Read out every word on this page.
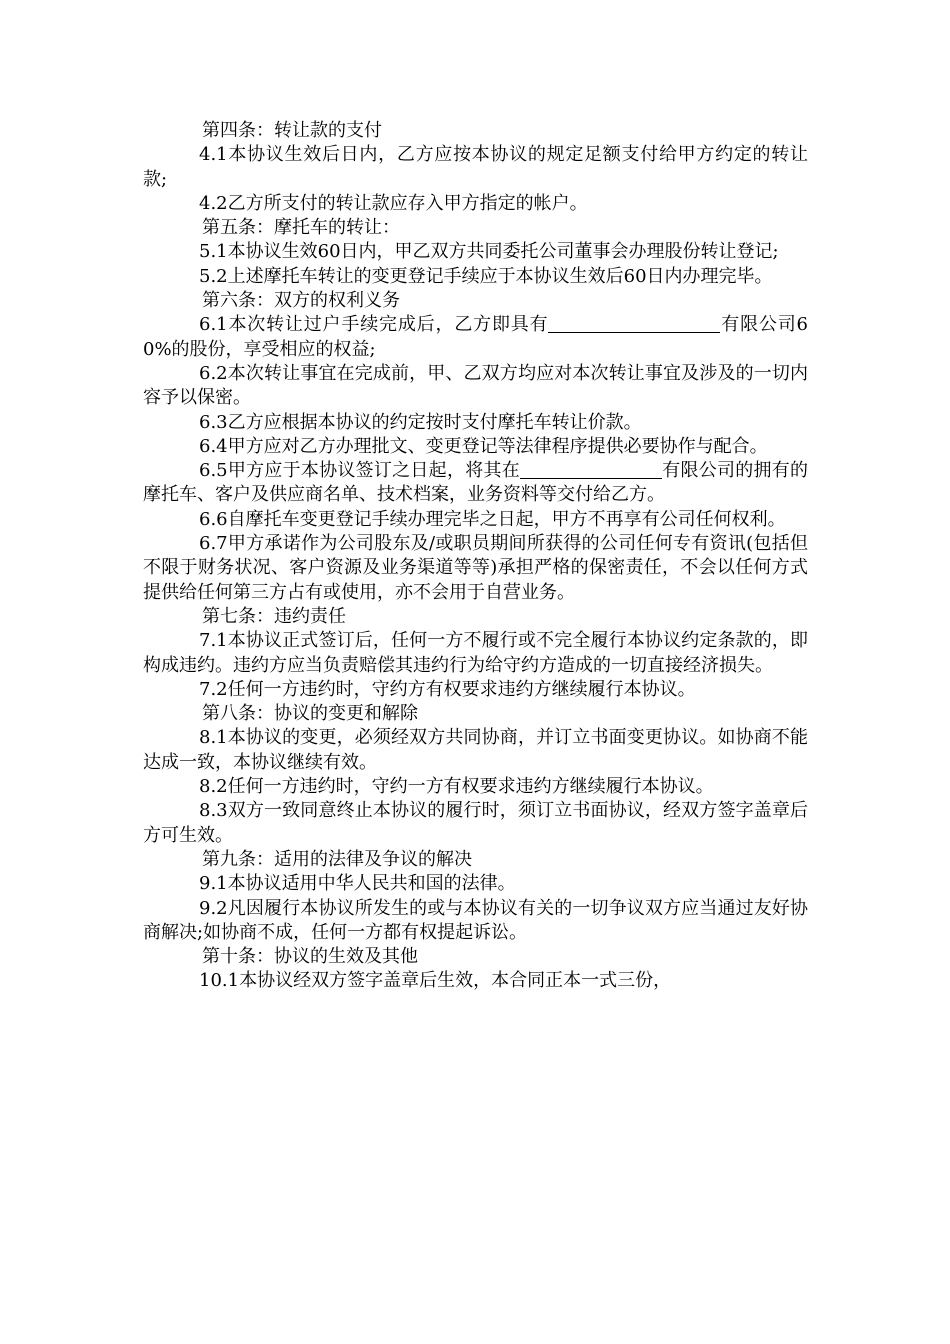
第四条：转让款的支付

4.1本协议生效后日内，乙方应按本协议的规定足额支付给甲方约定的转让款;

4.2乙方所支付的转让款应存入甲方指定的帐户。

第五条：摩托车的转让：

5.1本协议生效60日内，甲乙双方共同委托公司董事会办理股份转让登记;

5.2上述摩托车转让的变更登记手续应于本协议生效后60日内办理完毕。

第六条：双方的权利义务

6.1本次转让过户手续完成后，乙方即具有	有限公司60%的股份，享受相应的权益;

6.2本次转让事宜在完成前，甲、乙双方均应对本次转让事宜及涉及的一切内容予以保密。

6.3乙方应根据本协议的约定按时支付摩托车转让价款。

6.4甲方应对乙方办理批文、变更登记等法律程序提供必要协作与配合。

6.5甲方应于本协议签订之日起，将其在	有限公司的拥有的摩托车、客户及供应商名单、技术档案，业务资料等交付给乙方。

6.6自摩托车变更登记手续办理完毕之日起，甲方不再享有公司任何权利。

6.7甲方承诺作为公司股东及/或职员期间所获得的公司任何专有资讯(包括但不限于财务状况、客户资源及业务渠道等等)承担严格的保密责任，不会以任何方式提供给任何第三方占有或使用，亦不会用于自营业务。

第七条：违约责任

7.1本协议正式签订后，任何一方不履行或不完全履行本协议约定条款的，即构成违约。违约方应当负责赔偿其违约行为给守约方造成的一切直接经济损失。

7.2任何一方违约时，守约方有权要求违约方继续履行本协议。

第八条：协议的变更和解除

8.1本协议的变更，必须经双方共同协商，并订立书面变更协议。如协商不能达成一致，本协议继续有效。

8.2任何一方违约时，守约一方有权要求违约方继续履行本协议。

8.3双方一致同意终止本协议的履行时，须订立书面协议，经双方签字盖章后方可生效。

第九条：适用的法律及争议的解决

9.1本协议适用中华人民共和国的法律。

9.2凡因履行本协议所发生的或与本协议有关的一切争议双方应当通过友好协商解决;如协商不成，任何一方都有权提起诉讼。

第十条：协议的生效及其他

10.1本协议经双方签字盖章后生效，本合同正本一式三份，
